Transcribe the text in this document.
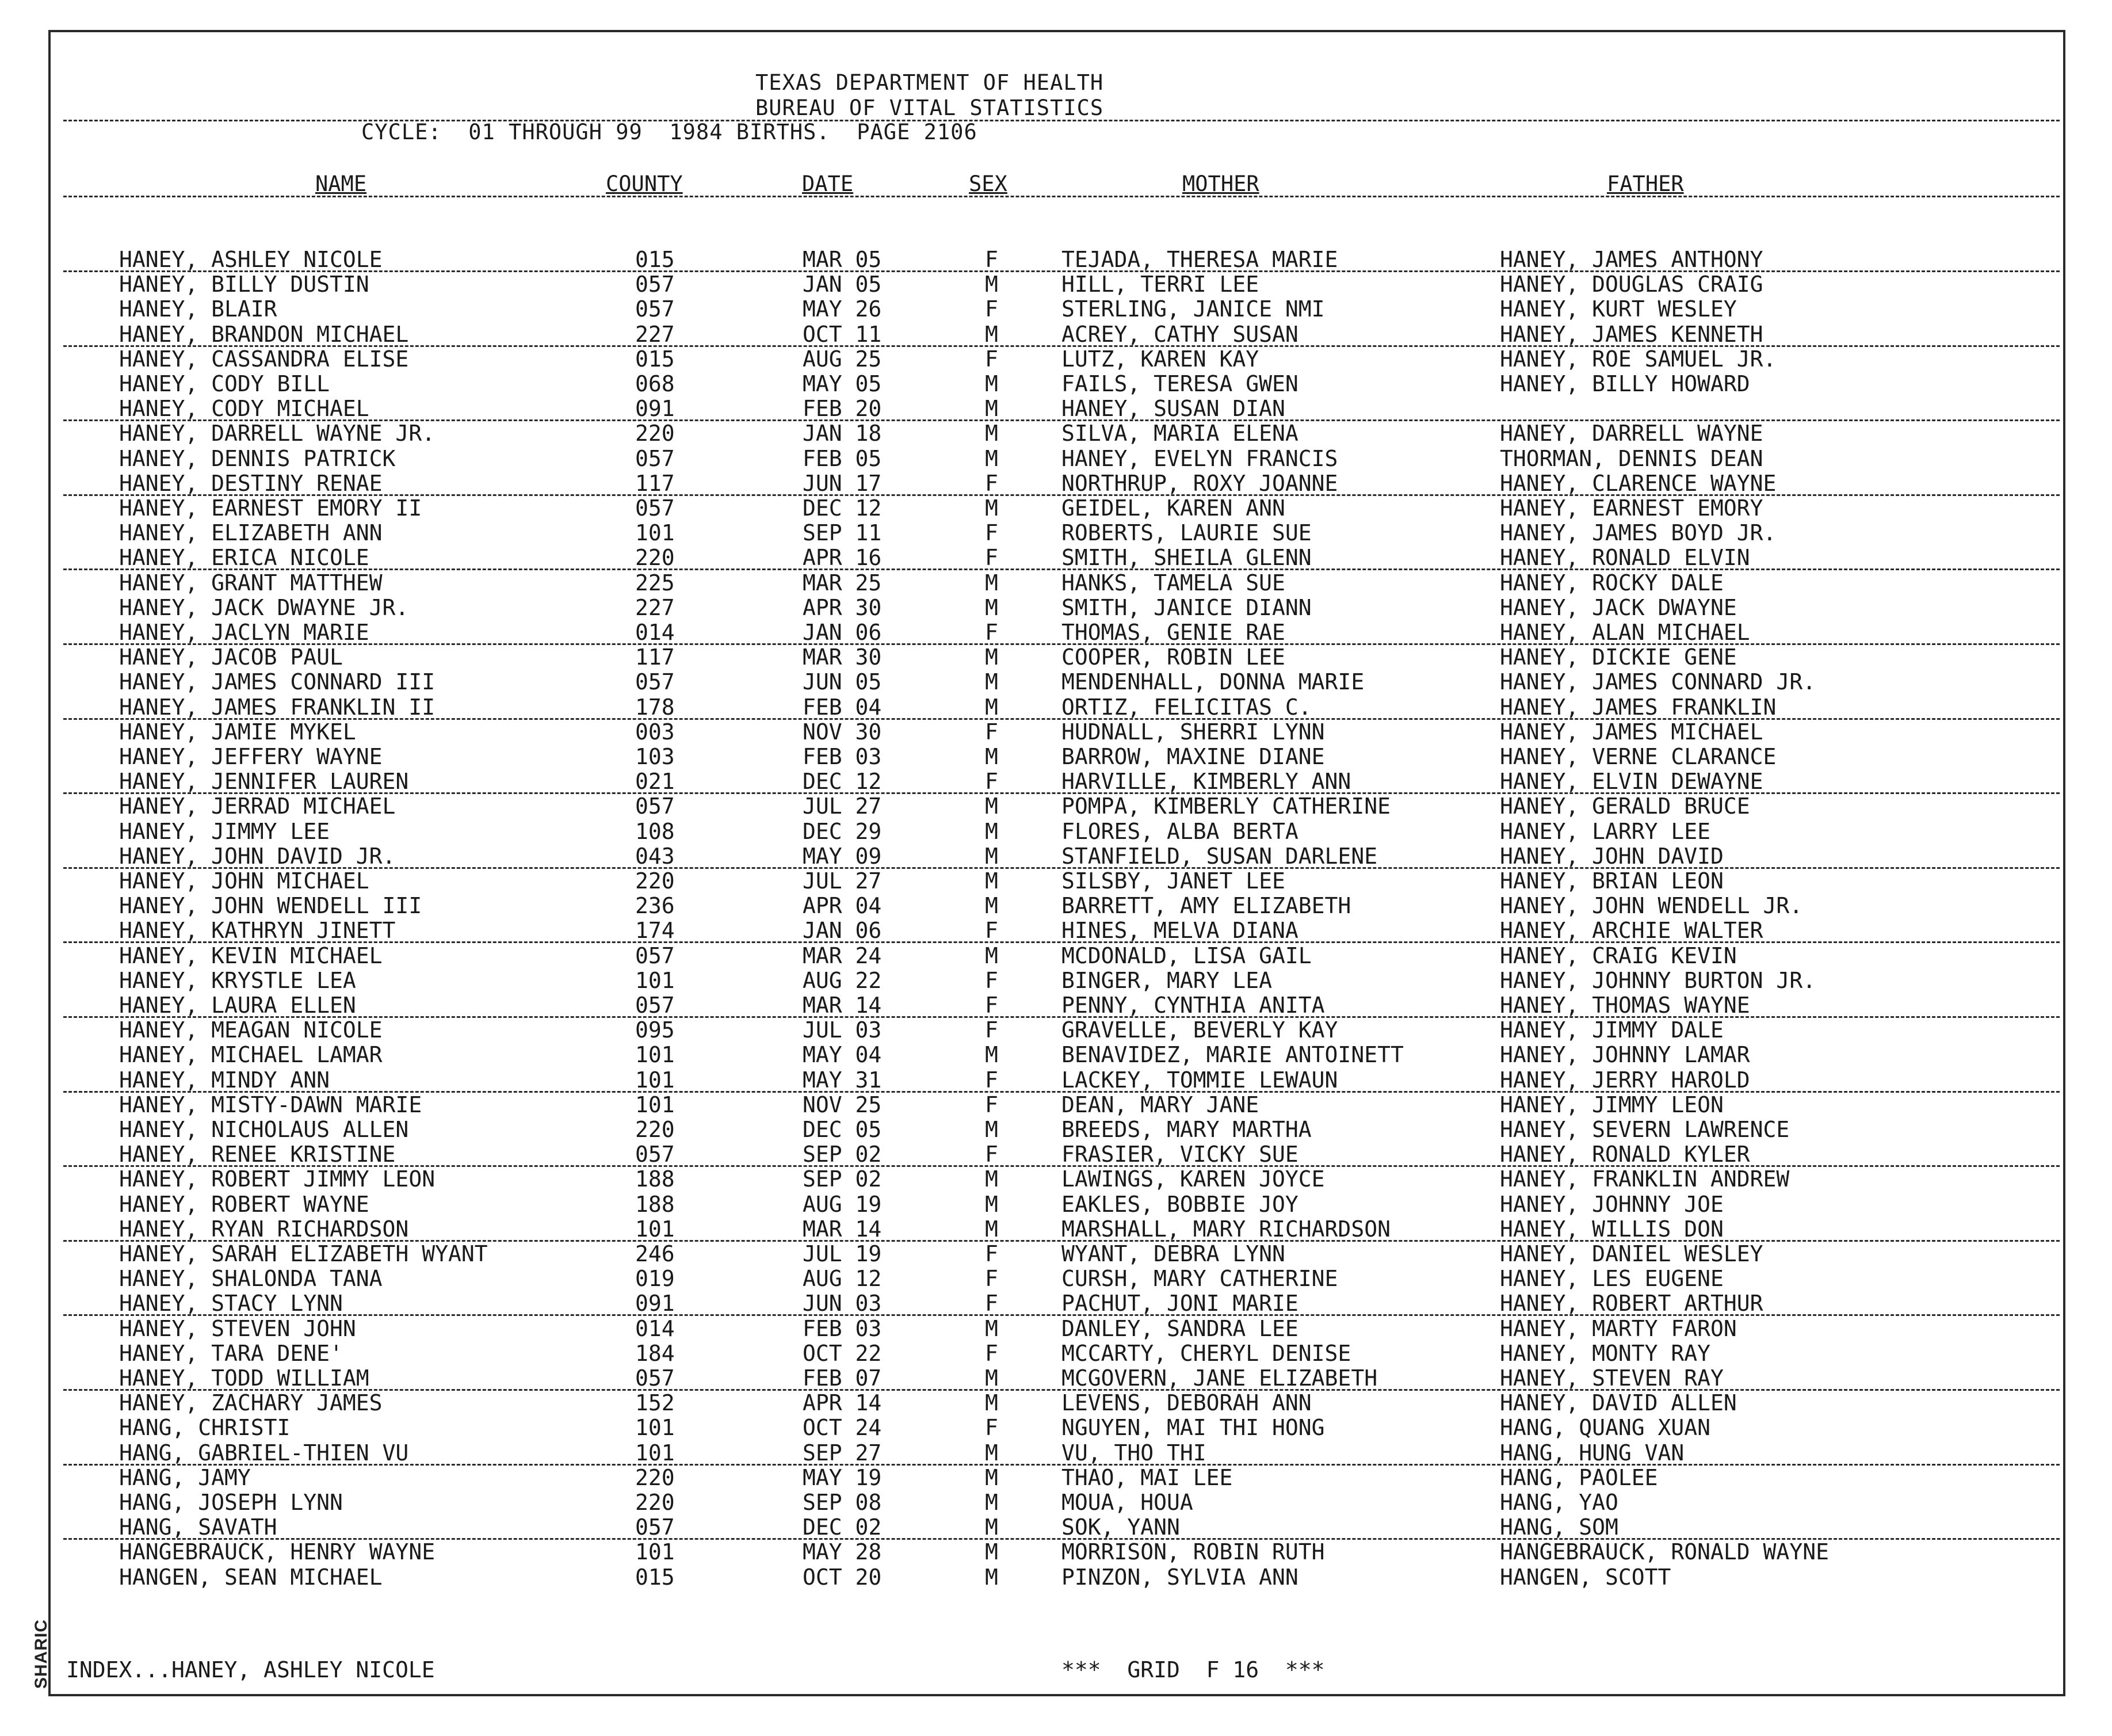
SHARIC
TEXAS DEPARTMENT OF HEALTH
BUREAU OF VITAL STATISTICS
CYCLE: 01 THROUGH 99 1984 BIRTHS. PAGE 2106
NAME	COUNTY	DATE	SEX	MOTHER	FATHER
HANEY, ASHLEY NICOLE	015	MAR 05	F	TEJADA, THERESA MARIE	HANEY, JAMES ANTHONY
HANEY, BILLY DUSTIN	057	JAN 05	M	HILL, TERRI LEE	HANEY, DOUGLAS CRAIG
HANEY, BLAIR	057	MAY 26	F	STERLING, JANICE NMI	HANEY, KURT WESLEY
HANEY, BRANDON MICHAEL	227	OCT 11	M	ACREY, CATHY SUSAN	HANEY, JAMES KENNETH
HANEY, CASSANDRA ELISE	015	AUG 25	F	LUTZ, KAREN KAY	HANEY, ROE SAMUEL JR.
HANEY, CODY BILL	068	MAY 05	M	FAILS, TERESA GWEN	HANEY, BILLY HOWARD
HANEY, CODY MICHAEL	091	FEB 20	M	HANEY, SUSAN DIAN
HANEY, DARRELL WAYNE JR.	220	JAN 18	M	SILVA, MARIA ELENA	HANEY, DARRELL WAYNE
HANEY, DENNIS PATRICK	057	FEB 05	M	HANEY, EVELYN FRANCIS	THORMAN, DENNIS DEAN
HANEY, DESTINY RENAE	117	JUN 17	F	NORTHRUP, ROXY JOANNE	HANEY, CLARENCE WAYNE
HANEY, EARNEST EMORY II	057	DEC 12	M	GEIDEL, KAREN ANN	HANEY, EARNEST EMORY
HANEY, ELIZABETH ANN	101	SEP 11	F	ROBERTS, LAURIE SUE	HANEY, JAMES BOYD JR.
HANEY, ERICA NICOLE	220	APR 16	F	SMITH, SHEILA GLENN	HANEY, RONALD ELVIN
HANEY, GRANT MATTHEW	225	MAR 25	M	HANKS, TAMELA SUE	HANEY, ROCKY DALE
HANEY, JACK DWAYNE JR.	227	APR 30	M	SMITH, JANICE DIANN	HANEY, JACK DWAYNE
HANEY, JACLYN MARIE	014	JAN 06	F	THOMAS, GENIE RAE	HANEY, ALAN MICHAEL
HANEY, JACOB PAUL	117	MAR 30	M	COOPER, ROBIN LEE	HANEY, DICKIE GENE
HANEY, JAMES CONNARD III	057	JUN 05	M	MENDENHALL, DONNA MARIE	HANEY, JAMES CONNARD JR.
HANEY, JAMES FRANKLIN II	178	FEB 04	M	ORTIZ, FELICITAS C.	HANEY, JAMES FRANKLIN
HANEY, JAMIE MYKEL	003	NOV 30	F	HUDNALL, SHERRI LYNN	HANEY, JAMES MICHAEL
HANEY, JEFFERY WAYNE	103	FEB 03	M	BARROW, MAXINE DIANE	HANEY, VERNE CLARANCE
HANEY, JENNIFER LAUREN	021	DEC 12	F	HARVILLE, KIMBERLY ANN	HANEY, ELVIN DEWAYNE
HANEY, JERRAD MICHAEL	057	JUL 27	M	POMPA, KIMBERLY CATHERINE	HANEY, GERALD BRUCE
HANEY, JIMMY LEE	108	DEC 29	M	FLORES, ALBA BERTA	HANEY, LARRY LEE
HANEY, JOHN DAVID JR.	043	MAY 09	M	STANFIELD, SUSAN DARLENE	HANEY, JOHN DAVID
HANEY, JOHN MICHAEL	220	JUL 27	M	SILSBY, JANET LEE	HANEY, BRIAN LEON
HANEY, JOHN WENDELL III	236	APR 04	M	BARRETT, AMY ELIZABETH	HANEY, JOHN WENDELL JR.
HANEY, KATHRYN JINETT	174	JAN 06	F	HINES, MELVA DIANA	HANEY, ARCHIE WALTER
HANEY, KEVIN MICHAEL	057	MAR 24	M	MCDONALD, LISA GAIL	HANEY, CRAIG KEVIN
HANEY, KRYSTLE LEA	101	AUG 22	F	BINGER, MARY LEA	HANEY, JOHNNY BURTON JR.
HANEY, LAURA ELLEN	057	MAR 14	F	PENNY, CYNTHIA ANITA	HANEY, THOMAS WAYNE
HANEY, MEAGAN NICOLE	095	JUL 03	F	GRAVELLE, BEVERLY KAY	HANEY, JIMMY DALE
HANEY, MICHAEL LAMAR	101	MAY 04	M	BENAVIDEZ, MARIE ANTOINETT	HANEY, JOHNNY LAMAR
HANEY, MINDY ANN	101	MAY 31	F	LACKEY, TOMMIE LEWAUN	HANEY, JERRY HAROLD
HANEY, MISTY-DAWN MARIE	101	NOV 25	F	DEAN, MARY JANE	HANEY, JIMMY LEON
HANEY, NICHOLAUS ALLEN	220	DEC 05	M	BREEDS, MARY MARTHA	HANEY, SEVERN LAWRENCE
HANEY, RENEE KRISTINE	057	SEP 02	F	FRASIER, VICKY SUE	HANEY, RONALD KYLER
HANEY, ROBERT JIMMY LEON	188	SEP 02	M	LAWINGS, KAREN JOYCE	HANEY, FRANKLIN ANDREW
HANEY, ROBERT WAYNE	188	AUG 19	M	EAKLES, BOBBIE JOY	HANEY, JOHNNY JOE
HANEY, RYAN RICHARDSON	101	MAR 14	M	MARSHALL, MARY RICHARDSON	HANEY, WILLIS DON
HANEY, SARAH ELIZABETH WYANT	246	JUL 19	F	WYANT, DEBRA LYNN	HANEY, DANIEL WESLEY
HANEY, SHALONDA TANA	019	AUG 12	F	CURSH, MARY CATHERINE	HANEY, LES EUGENE
HANEY, STACY LYNN	091	JUN 03	F	PACHUT, JONI MARIE	HANEY, ROBERT ARTHUR
HANEY, STEVEN JOHN	014	FEB 03	M	DANLEY, SANDRA LEE	HANEY, MARTY FARON
HANEY, TARA DENE'	184	OCT 22	F	MCCARTY, CHERYL DENISE	HANEY, MONTY RAY
HANEY, TODD WILLIAM	057	FEB 07	M	MCGOVERN, JANE ELIZABETH	HANEY, STEVEN RAY
HANEY, ZACHARY JAMES	152	APR 14	M	LEVENS, DEBORAH ANN	HANEY, DAVID ALLEN
HANG, CHRISTI	101	OCT 24	F	NGUYEN, MAI THI HONG	HANG, QUANG XUAN
HANG, GABRIEL-THIEN VU	101	SEP 27	M	VU, THO THI	HANG, HUNG VAN
HANG, JAMY	220	MAY 19	M	THAO, MAI LEE	HANG, PAOLEE
HANG, JOSEPH LYNN	220	SEP 08	M	MOUA, HOUA	HANG, YAO
HANG, SAVATH	057	DEC 02	M	SOK, YANN	HANG, SOM
HANGEBRAUCK, HENRY WAYNE	101	MAY 28	M	MORRISON, ROBIN RUTH	HANGEBRAUCK, RONALD WAYNE
HANGEN, SEAN MICHAEL	015	OCT 20	M	PINZON, SYLVIA ANN	HANGEN, SCOTT
INDEX...HANEY, ASHLEY NICOLE	***  GRID  F 16  ***
